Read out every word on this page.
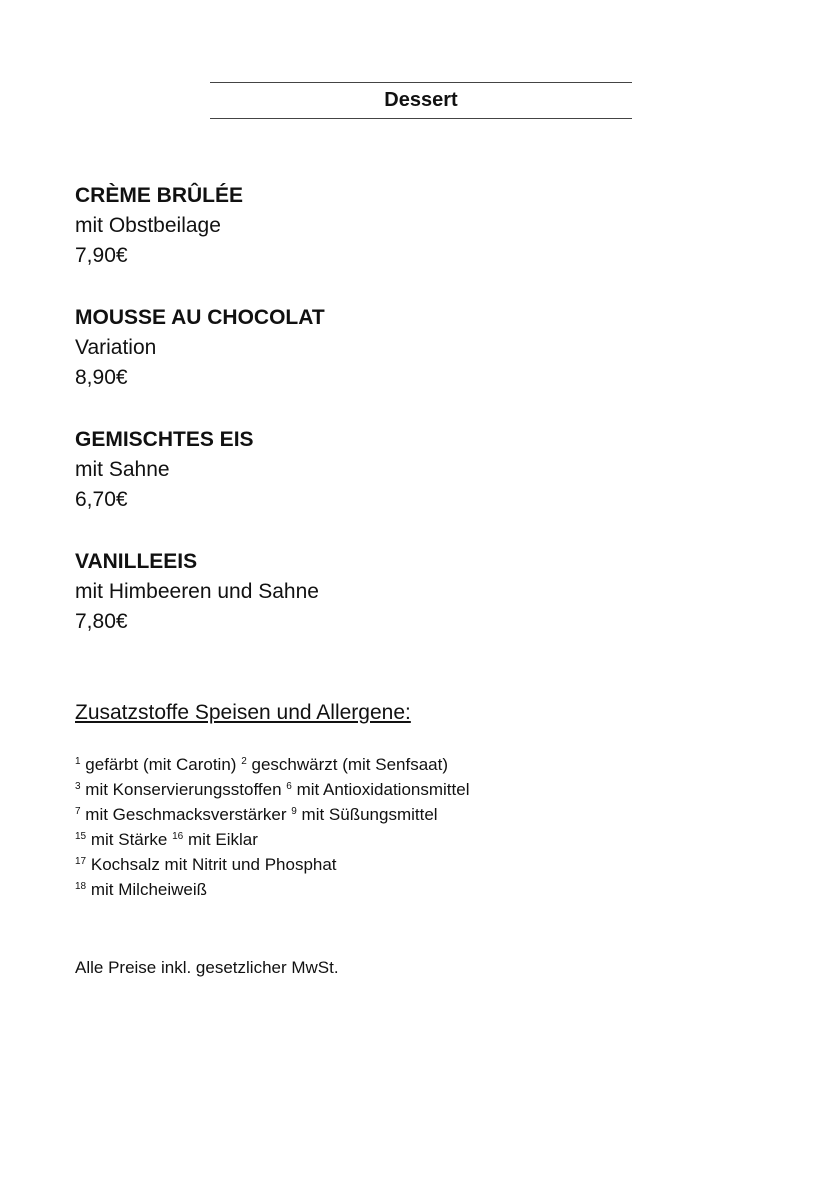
Dessert
CRÈME BRÛLÉE
mit Obstbeilage
7,90€
MOUSSE AU CHOCOLAT
Variation
8,90€
GEMISCHTES EIS
mit Sahne
6,70€
VANILLEEIS
mit Himbeeren und Sahne
7,80€
Zusatzstoffe Speisen und Allergene:
$^1$ gefärbt (mit Carotin) $^2$ geschwärzt (mit Senfsaat)
$^3$ mit Konservierungsstoffen $^6$ mit Antioxidationsmittel
$^7$ mit Geschmacksverstärker $^9$ mit Süßungsmittel
$^{15}$ mit Stärke $^{16}$ mit Eiklar
$^{17}$ Kochsalz mit Nitrit und Phosphat
$^{18}$ mit Milcheiweiß
Alle Preise inkl. gesetzlicher MwSt.
